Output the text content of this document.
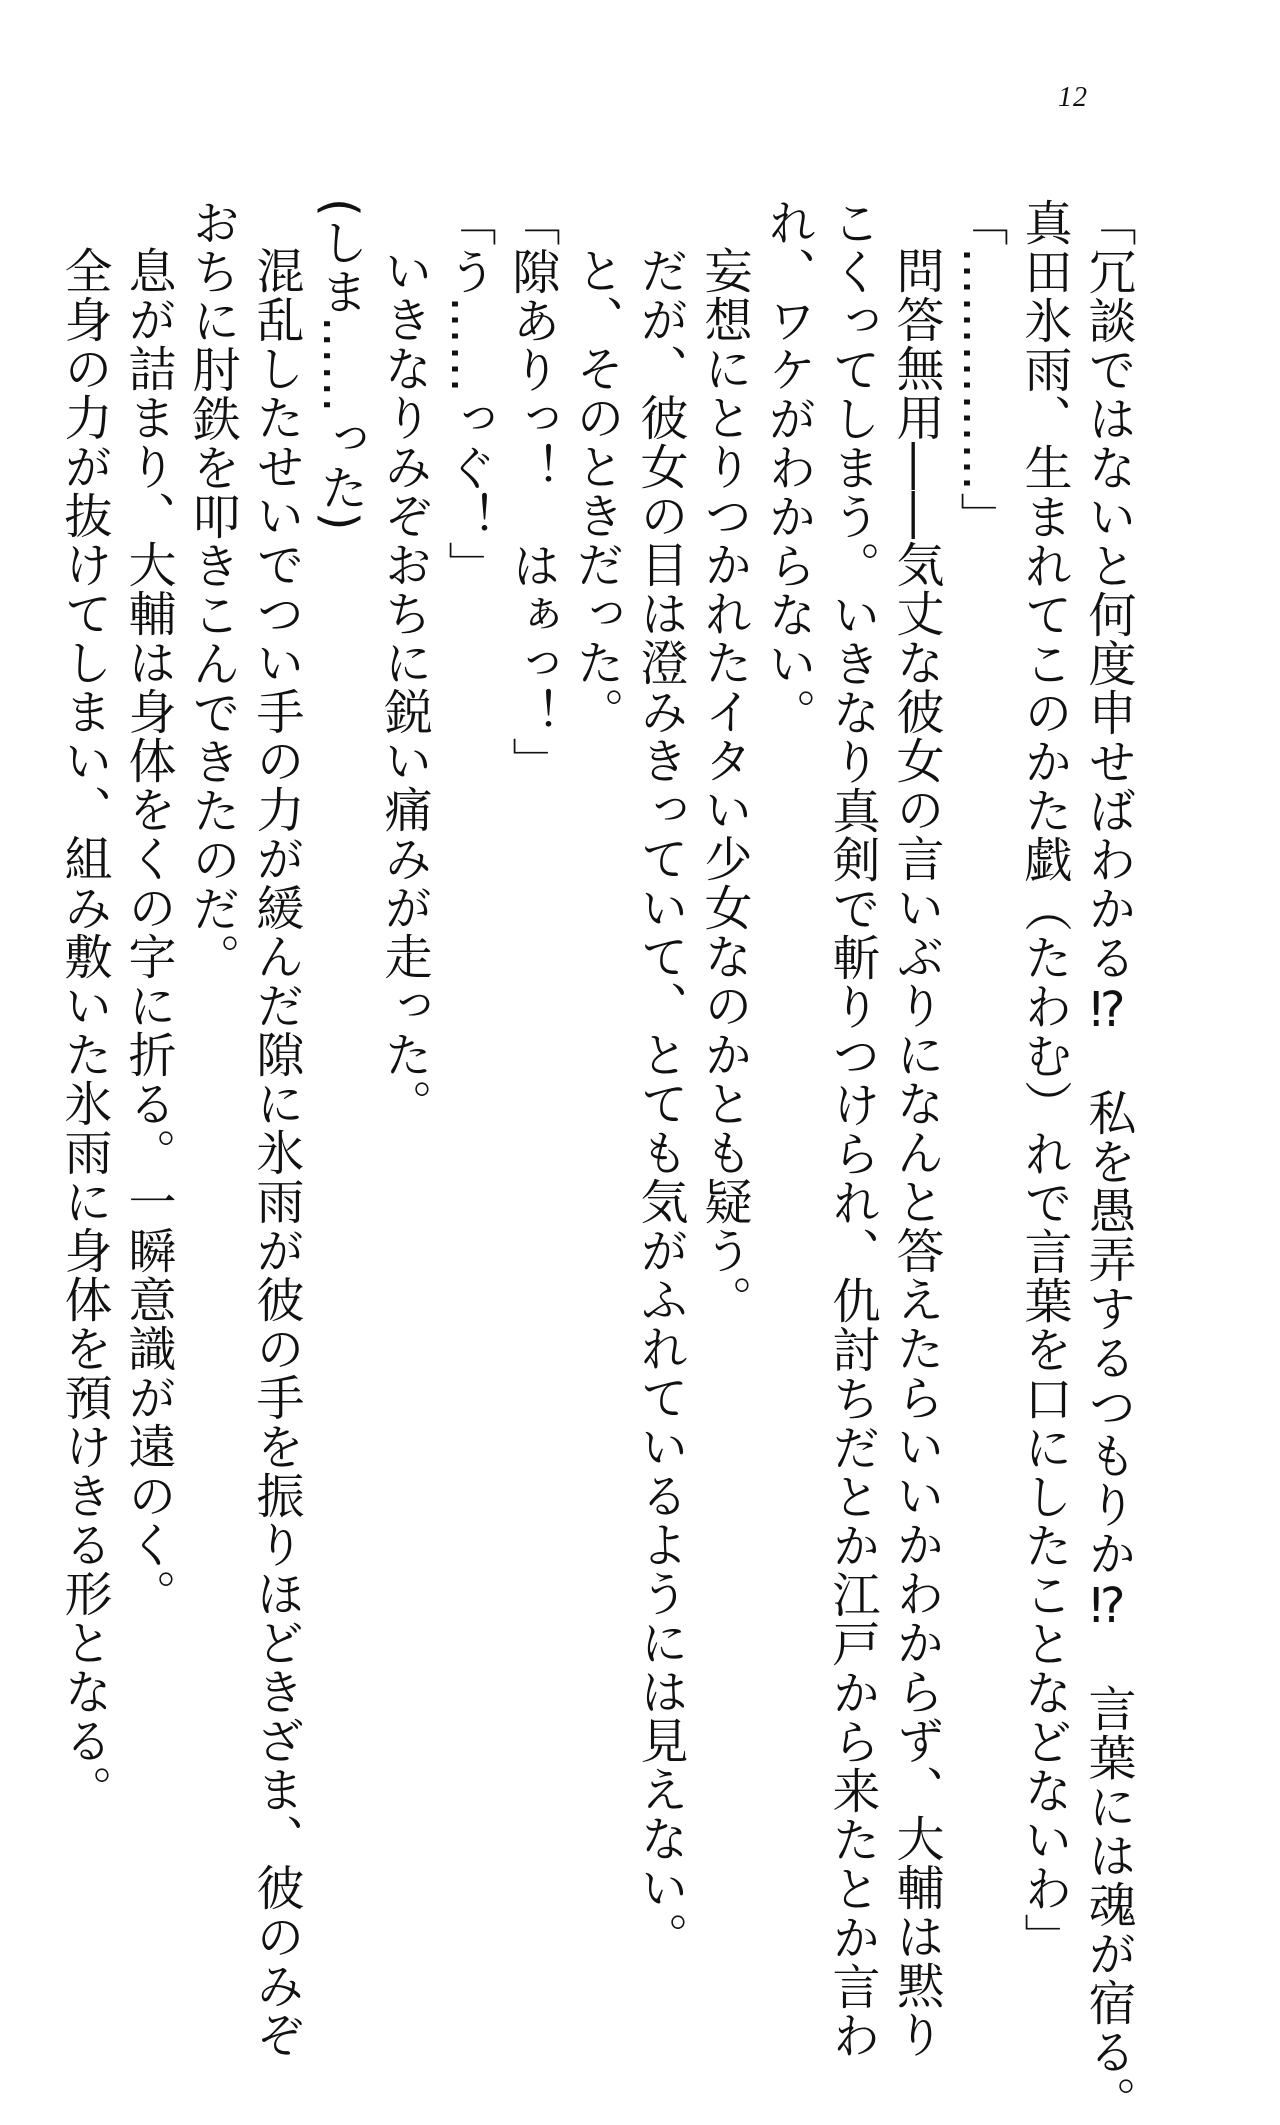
12

「冗談ではないと何度申せばわかる⁉　私を愚弄するつもりか⁉　言葉には魂が宿る。

真田氷雨、生まれてこのかた戯（たわむ）れで言葉を口にしたことなどないわ」

「……………」

問答無用――気丈な彼女の言いぶりになんと答えたらいいかわからず、大輔は黙り

こくってしまう。いきなり真剣で斬りつけられ、仇討ちだとか江戸から来たとか言わ

れ、ワケがわからない。

妄想にとりつかれたイタい少女なのかとも疑う。

だが、彼女の目は澄みきっていて、とても気がふれているようには見えない。

と、そのときだった。

「隙ありっ！　はぁっ！」

「う……っぐ！」

いきなりみぞおちに鋭い痛みが走った。

(しま……った)

混乱したせいでつい手の力が緩んだ隙に氷雨が彼の手を振りほどきざま、彼のみぞ

おちに肘鉄を叩きこんできたのだ。

息が詰まり、大輔は身体をくの字に折る。一瞬意識が遠のく。

全身の力が抜けてしまい、組み敷いた氷雨に身体を預けきる形となる。
